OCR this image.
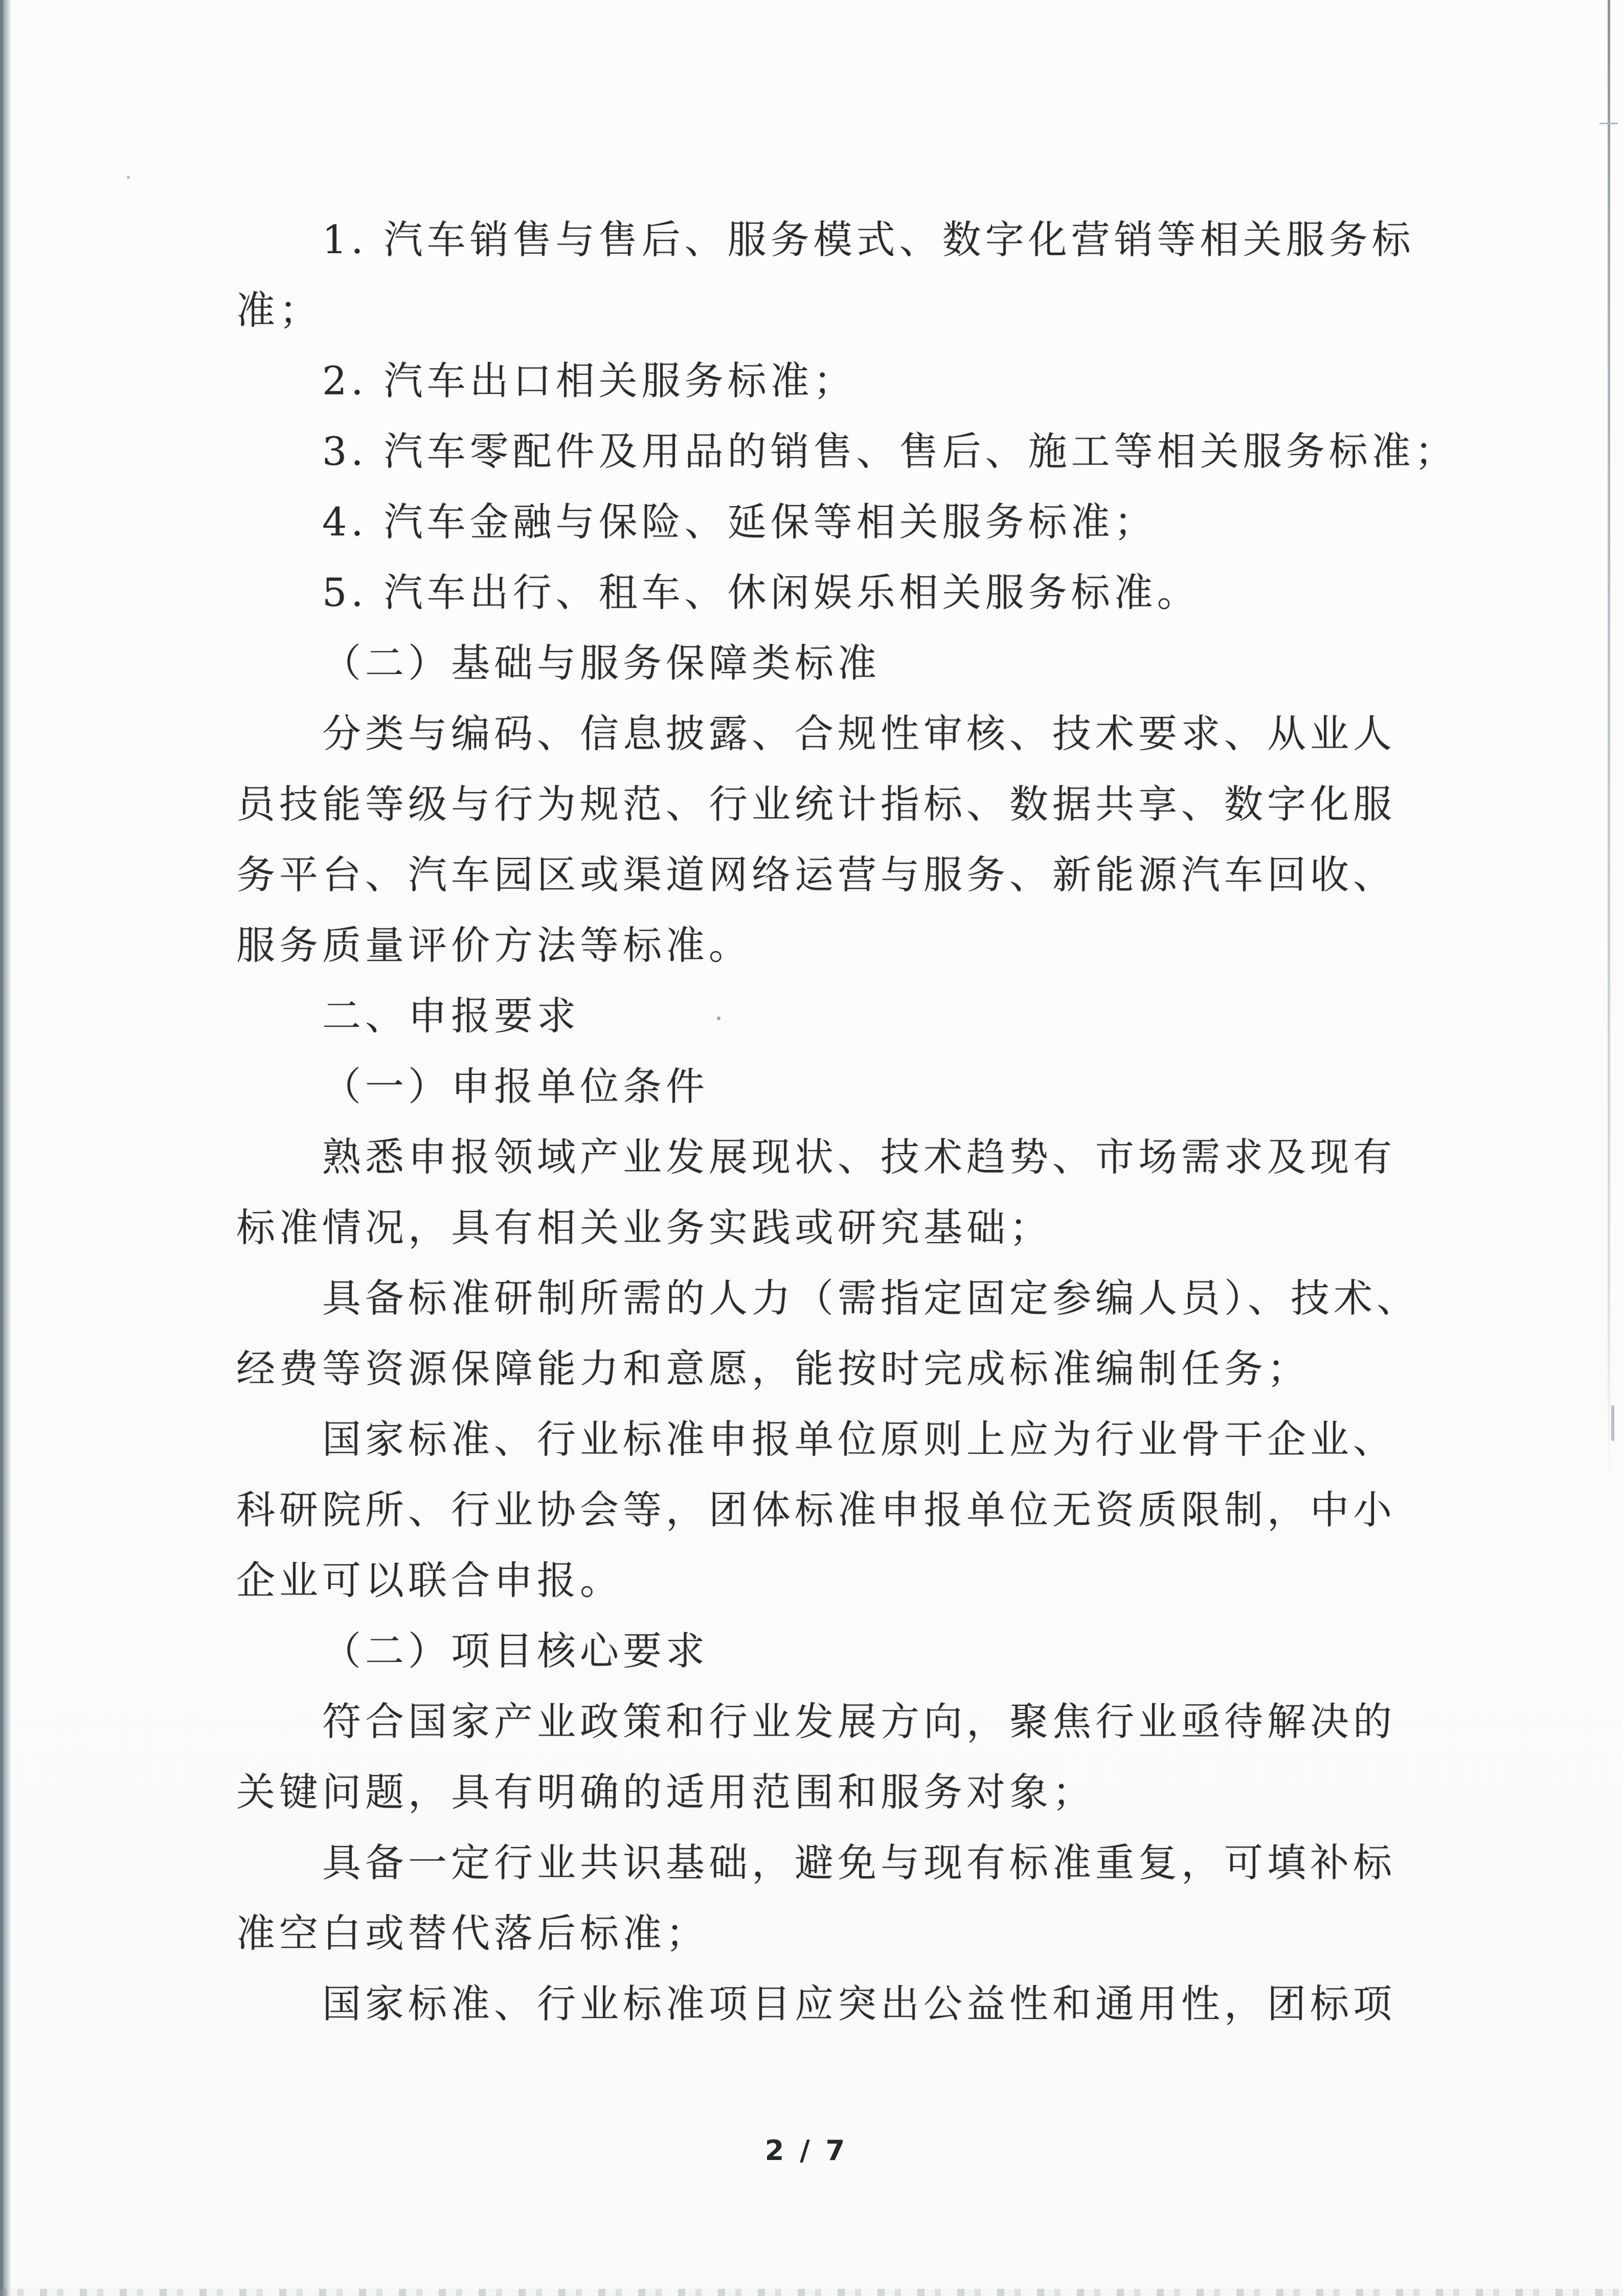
1. 汽车销售与售后、服务模式、数字化营销等相关服务标
准；
2. 汽车出口相关服务标准；
3. 汽车零配件及用品的销售、售后、施工等相关服务标准；
4. 汽车金融与保险、延保等相关服务标准；
5. 汽车出行、租车、休闲娱乐相关服务标准。
（二）基础与服务保障类标准
分类与编码、信息披露、合规性审核、技术要求、从业人
员技能等级与行为规范、行业统计指标、数据共享、数字化服
务平台、汽车园区或渠道网络运营与服务、新能源汽车回收、
服务质量评价方法等标准。
二、申报要求
（一）申报单位条件
熟悉申报领域产业发展现状、技术趋势、市场需求及现有
标准情况，具有相关业务实践或研究基础；
具备标准研制所需的人力（需指定固定参编人员）、技术、
经费等资源保障能力和意愿，能按时完成标准编制任务；
国家标准、行业标准申报单位原则上应为行业骨干企业、
科研院所、行业协会等，团体标准申报单位无资质限制，中小
企业可以联合申报。
（二）项目核心要求
符合国家产业政策和行业发展方向，聚焦行业亟待解决的
关键问题，具有明确的适用范围和服务对象；
具备一定行业共识基础，避免与现有标准重复，可填补标
准空白或替代落后标准；
国家标准、行业标准项目应突出公益性和通用性，团标项
2 / 7
